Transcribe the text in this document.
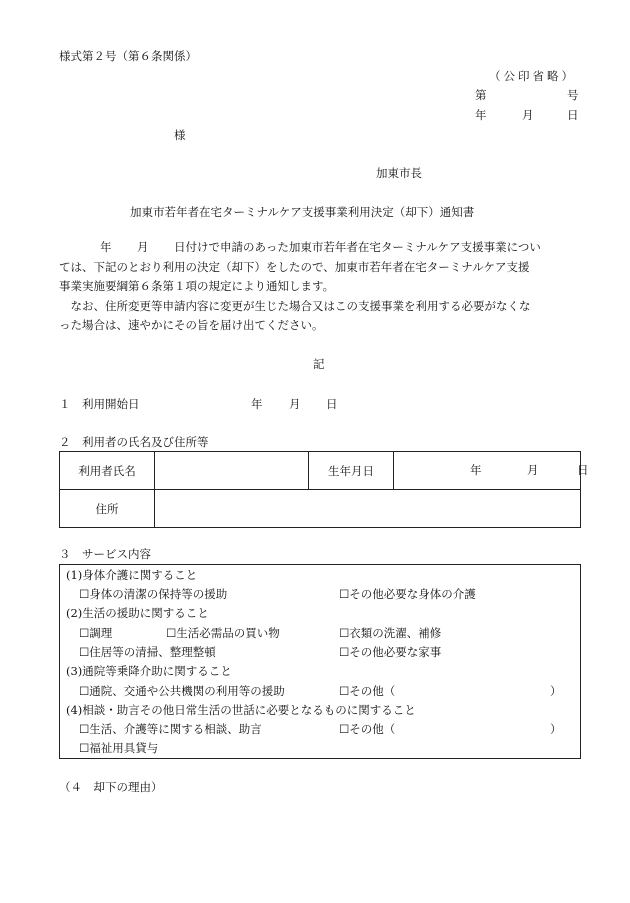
様式第２号（第６条関係）
（公印省略）
第	号
年	月	日
様
加東市長
加東市若年者在宅ターミナルケア支援事業利用決定（却下）通知書
年 月 日付けで申請のあった加東市若年者在宅ターミナルケア支援事業につい
ては、下記のとおり利用の決定（却下）をしたので、加東市若年者在宅ターミナルケア支援
事業実施要綱第６条第１項の規定により通知します。
　なお、住所変更等申請内容に変更が生じた場合又はこの支援事業を利用する必要がなくな
った場合は、速やかにその旨を届け出てください。
記
１　利用開始日	年 月 日
２　利用者の氏名及び住所等
利用者氏名		生年月日	年 月 日

住所			
３　サービス内容
(1)身体介護に関すること
☐身体の清潔の保持等の援助	☐その他必要な身体の介護
(2)生活の援助に関すること
☐調理	☐生活必需品の買い物	☐衣類の洗濯、補修
☐住居等の清掃、整理整頓	☐その他必要な家事
(3)通院等乗降介助に関すること
☐通院、交通や公共機関の利用等の援助	☐その他（	）
(4)相談・助言その他日常生活の世話に必要となるものに関すること
☐生活、介護等に関する相談、助言	☐その他（	）
☐福祉用具貸与
（４　却下の理由）
